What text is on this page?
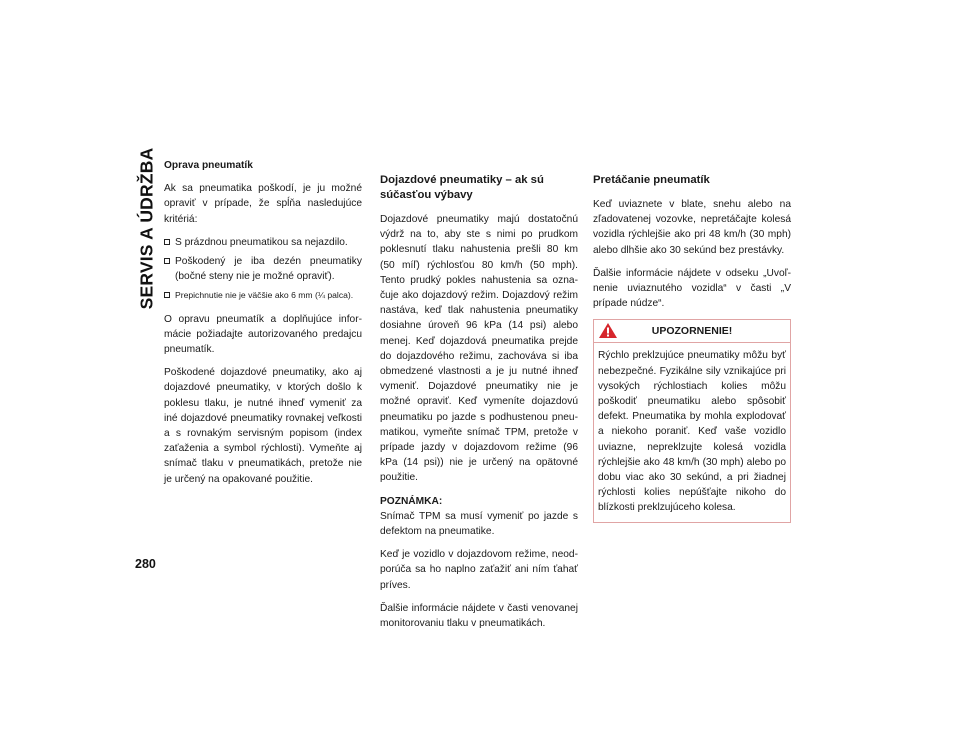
SERVIS A ÚDRŽBA
280
Oprava pneumatík

Ak sa pneumatika poškodí, je ju možné opraviť v prípade, že spĺňa nasledujúce kritériá:

S prázdnou pneumatikou sa nejazdilo.
Poškodený je iba dezén pneumatiky (bočné steny nie je možné opraviť).
Prepichnutie nie je väčšie ako 6 mm (¼ palca).

O opravu pneumatík a doplňujúce informácie požiadajte autorizovaného predajcu pneumatík.

Poškodené dojazdové pneumatiky, ako aj dojazdové pneumatiky, v ktorých došlo k poklesu tlaku, je nutné ihneď vymeniť za iné dojazdové pneumatiky rovnakej veľkosti a s rovnakým servisným popisom (index zaťaženia a symbol rýchlosti). Vymeňte aj snímač tlaku v pneumatikách, pretože nie je určený na opakované použitie.

Dojazdové pneumatiky – ak sú súčasťou výbavy

Dojazdové pneumatiky majú dostatočnú výdrž na to, aby ste s nimi po prudkom poklesnutí tlaku nahustenia prešli 80 km (50 míľ) rýchlosťou 80 km/h (50 mph). Tento prudký pokles nahustenia sa označuje ako dojazdový režim. Dojazdový režim nastáva, keď tlak nahustenia pneumatiky dosiahne úroveň 96 kPa (14 psi) alebo menej. Keď dojazdová pneumatika prejde do dojazdového režimu, zachováva si iba obmedzené vlastnosti a je ju nutné ihneď vymeniť. Dojazdové pneumatiky nie je možné opraviť. Keď vymeníte dojazdovú pneumatiku po jazde s podhustenou pneumatikou, vymeňte snímač TPM, pretože v prípade jazdy v dojazdovom režime (96 kPa (14 psi)) nie je určený na opätovné použitie.

POZNÁMKA:

Snímač TPM sa musí vymeniť po jazde s defektom na pneumatike.

Keď je vozidlo v dojazdovom režime, neodporúča sa ho naplno zaťažiť ani ním ťahať príves.

Ďalšie informácie nájdete v časti venovanej monitorovaniu tlaku v pneumatikách.

Pretáčanie pneumatík

Keď uviaznete v blate, snehu alebo na zľadovatenej vozovke, nepretáčajte kolesá vozidla rýchlejšie ako pri 48 km/h (30 mph) alebo dlhšie ako 30 sekúnd bez prestávky.

Ďalšie informácie nájdete v odseku „Uvoľnenie uviaznutého vozidla“ v časti „V prípade núdze“.

UPOZORNENIE!

Rýchlo preklzujúce pneumatiky môžu byť nebezpečné. Fyzikálne sily vznikajúce pri vysokých rýchlostiach kolies môžu poškodiť pneumatiku alebo spôsobiť defekt. Pneumatika by mohla explodovať a niekoho poraniť. Keď vaše vozidlo uviazne, nepreklzujte kolesá vozidla rýchlejšie ako 48 km/h (30 mph) alebo po dobu viac ako 30 sekúnd, a pri žiadnej rýchlosti kolies nepúšťajte nikoho do blízkosti preklzujúceho kolesa.
